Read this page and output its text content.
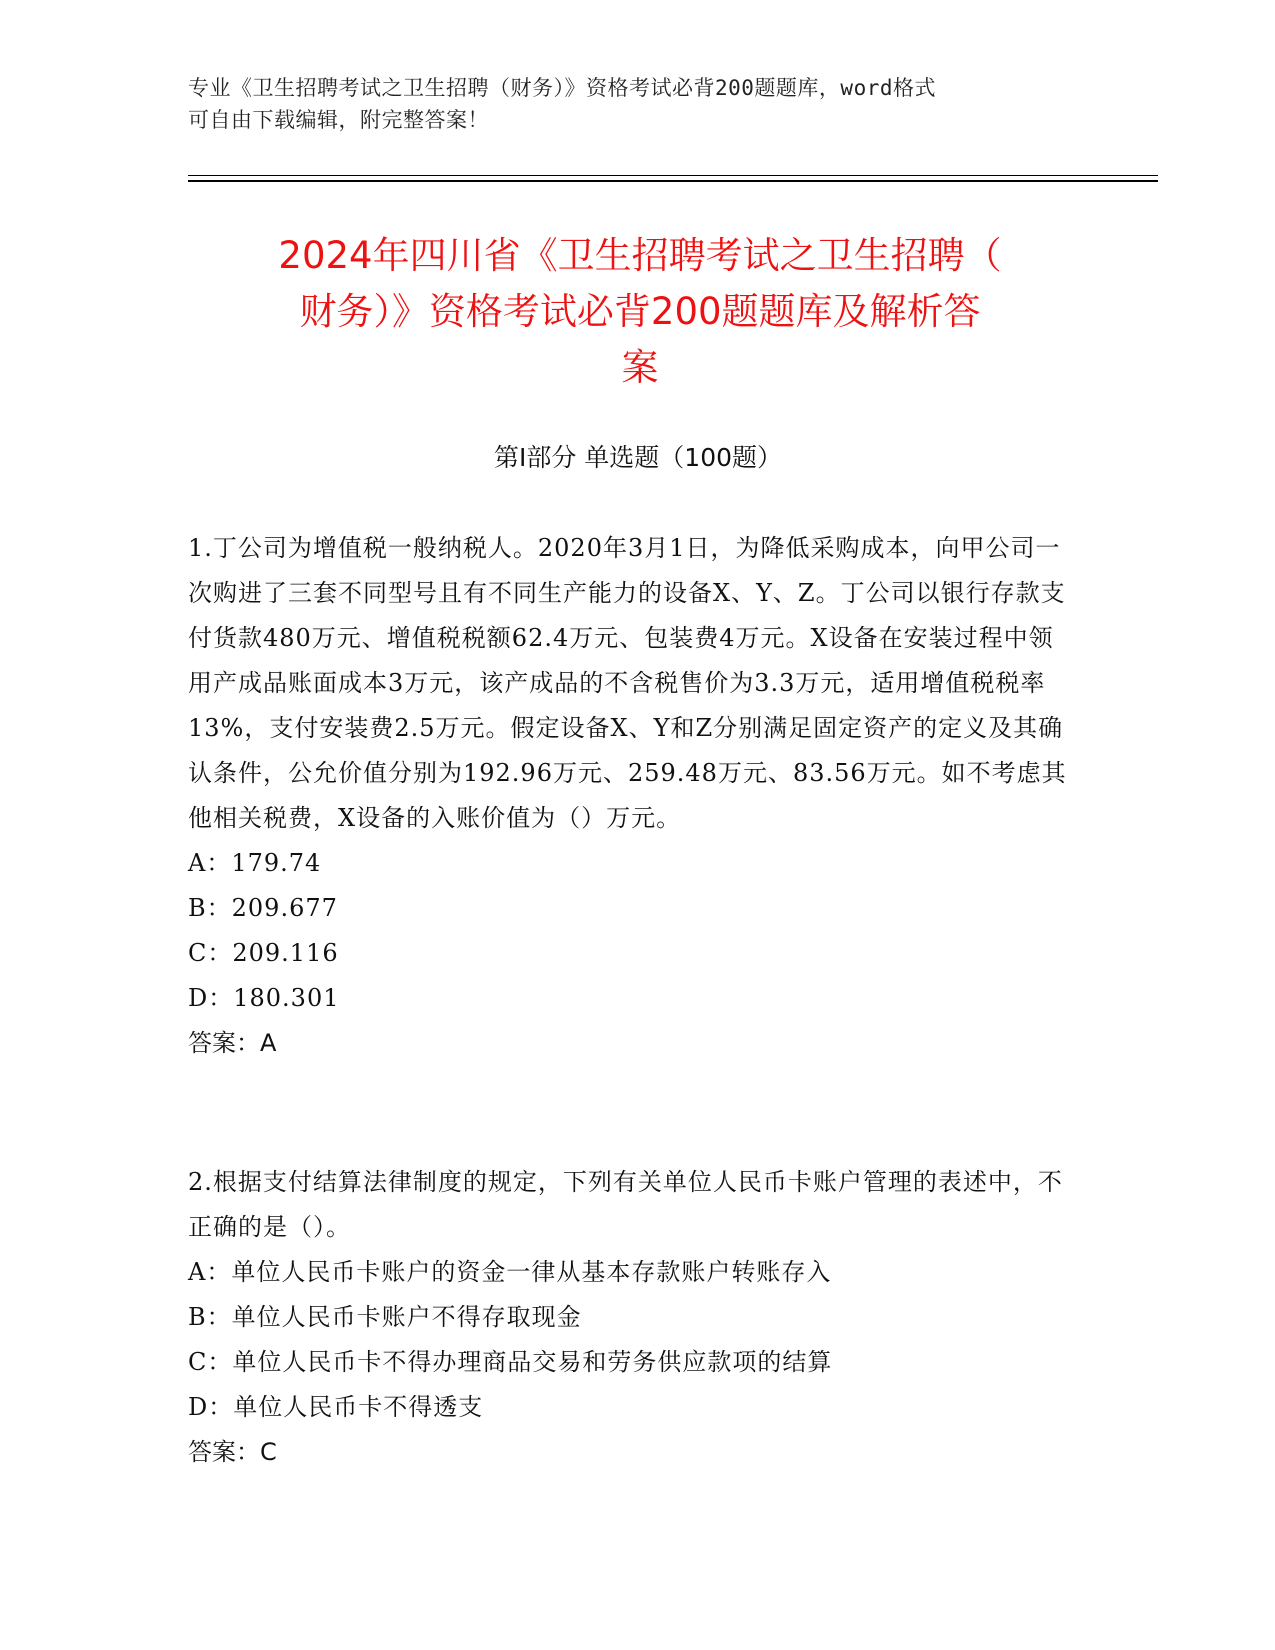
专业《卫生招聘考试之卫生招聘（财务）》资格考试必背200题题库，word格式
可自由下载编辑，附完整答案！
2024年四川省《卫生招聘考试之卫生招聘（
财务）》资格考试必背200题题库及解析答
案
第Ⅰ部分 单选题（100题）

1.丁公司为增值税一般纳税人。2020年3月1日，为降低采购成本，向甲公司一次购进了三套不同型号且有不同生产能力的设备X、Y、Z。丁公司以银行存款支付货款480万元、增值税税额62.4万元、包装费4万元。X设备在安装过程中领用产成品账面成本3万元，该产成品的不含税售价为3.3万元，适用增值税税率13%，支付安装费2.5万元。假定设备X、Y和Z分别满足固定资产的定义及其确认条件，公允价值分别为192.96万元、259.48万元、83.56万元。如不考虑其他相关税费，X设备的入账价值为（）万元。

A：179.74
B：209.677
C：209.116
D：180.301
答案：A

2.根据支付结算法律制度的规定，下列有关单位人民币卡账户管理的表述中，不正确的是（）。

A：单位人民币卡账户的资金一律从基本存款账户转账存入
B：单位人民币卡账户不得存取现金
C：单位人民币卡不得办理商品交易和劳务供应款项的结算
D：单位人民币卡不得透支
答案：C
